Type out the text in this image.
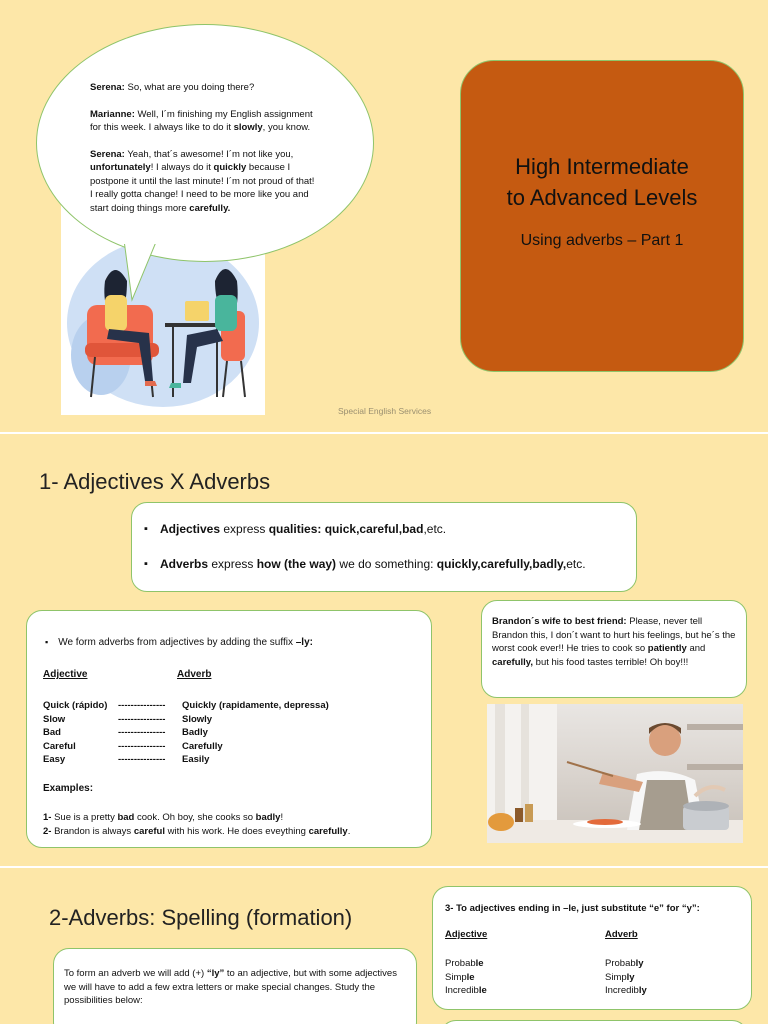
Serena: So, what are you doing there?

Marianne: Well, I´m finishing my English assignment for this week. I always like to do it slowly, you know.

Serena: Yeah, that´s awesome! I´m not like you, unfortunately! I always do it quickly because I postpone it until the last minute! I´m not proud of that! I really gotta change! I need to be more like you and start doing things more carefully.

High Intermediate
to Advanced Levels
Using adverbs – Part 1
Special English Services
1- Adjectives X Adverbs
▪ Adjectives express qualities: quick,careful,bad,etc.
▪ Adverbs express how (the way) we do something: quickly,carefully,badly,etc.
▪ We form adverbs from adjectives by adding the suffix –ly:
Adjective	Adverb
Quick (rápido)	---------------	Quickly (rapidamente, depressa)
Slow	---------------	Slowly
Bad	---------------	Badly
Careful	---------------	Carefully
Easy	---------------	Easily
Examples:
1- Sue is a pretty bad cook. Oh boy, she cooks so badly!
2- Brandon is always careful with his work. He does eveything carefully.
Brandon´s wife to best friend: Please, never tell Brandon this, I don´t want to hurt his feelings, but he´s the worst cook ever!! He tries to cook so patiently and carefully, but his food tastes terrible! Oh boy!!!
2-Adverbs: Spelling (formation)
To form an adverb we will add (+) “ly” to an adjective, but with some adjectives we will have to add a few extra letters or make special changes. Study the possibilities below:
3- To adjectives ending in –le, just substitute “e” for “y”:
Adjective	Adverb
Probable	Probably
Simple	Simply
Incredible	Incredibly
